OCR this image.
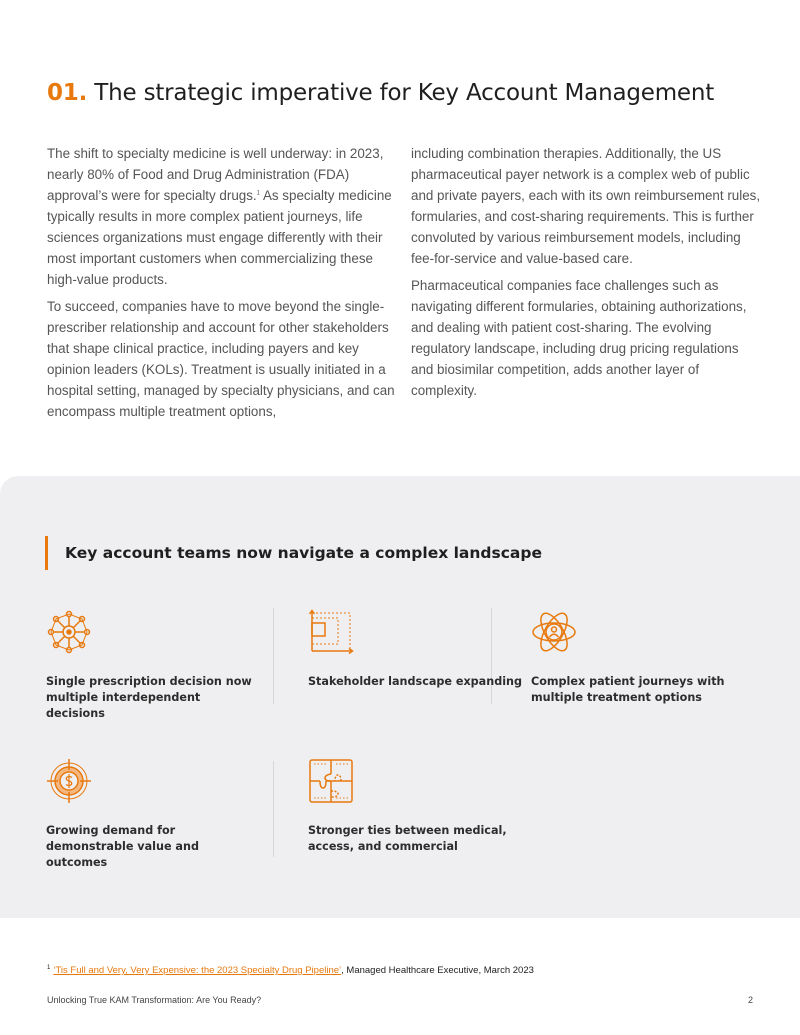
01. The strategic imperative for Key Account Management

The shift to specialty medicine is well underway: in 2023, nearly 80% of Food and Drug Administration (FDA) approval’s were for specialty drugs.$^1$ As specialty medicine typically results in more complex patient journeys, life sciences organizations must engage differently with their most important customers when commercializing these high-value products.

To succeed, companies have to move beyond the single-prescriber relationship and account for other stakeholders that shape clinical practice, including payers and key opinion leaders (KOLs). Treatment is usually initiated in a hospital setting, managed by specialty physicians, and can encompass multiple treatment options,

including combination therapies. Additionally, the US pharmaceutical payer network is a complex web of public and private payers, each with its own reimbursement rules, formularies, and cost-sharing requirements. This is further convoluted by various reimbursement models, including fee-for-service and value-based care.

Pharmaceutical companies face challenges such as navigating different formularies, obtaining authorizations, and dealing with patient cost-sharing. The evolving regulatory landscape, including drug pricing regulations and biosimilar competition, adds another layer of complexity.

Key account teams now navigate a complex landscape
Single prescription decision now multiple interdependent decisions
Stakeholder landscape expanding Complex patient journeys with multiple treatment options
Growing demand for demonstrable value and outcomes
Stronger ties between medical, access, and commercial
$^1$ ‘Tis Full and Very, Very Expensive: the 2023 Specialty Drug Pipeline’, Managed Healthcare Executive, March 2023
Unlocking True KAM Transformation: Are You Ready?	2
